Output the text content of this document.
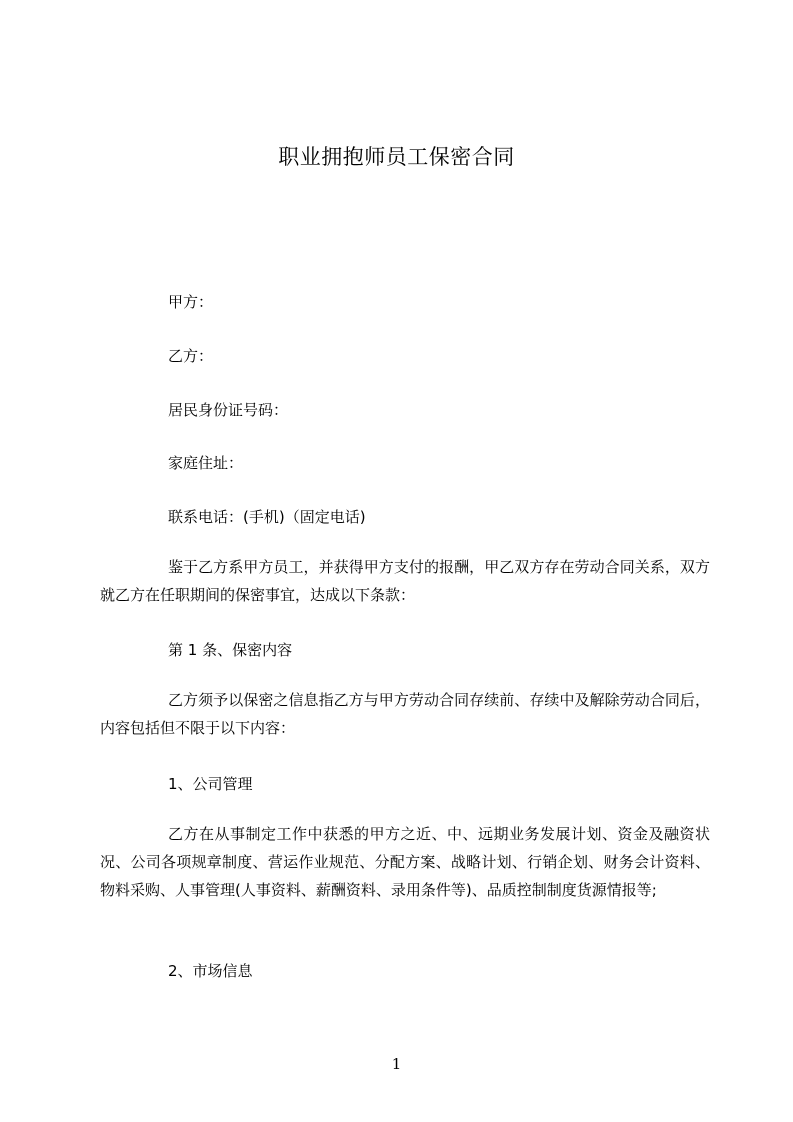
职业拥抱师员工保密合同
甲方：
乙方：
居民身份证号码：
家庭住址：
联系电话：(手机)（固定电话)
鉴于乙方系甲方员工，并获得甲方支付的报酬，甲乙双方存在劳动合同关系，双方就乙方在任职期间的保密事宜，达成以下条款：
第 1 条、保密内容
乙方须予以保密之信息指乙方与甲方劳动合同存续前、存续中及解除劳动合同后，内容包括但不限于以下内容：
1、公司管理
乙方在从事制定工作中获悉的甲方之近、中、远期业务发展计划、资金及融资状况、公司各项规章制度、营运作业规范、分配方案、战略计划、行销企划、财务会计资料、物料采购、人事管理(人事资料、薪酬资料、录用条件等)、品质控制制度货源情报等;
2、市场信息
1
